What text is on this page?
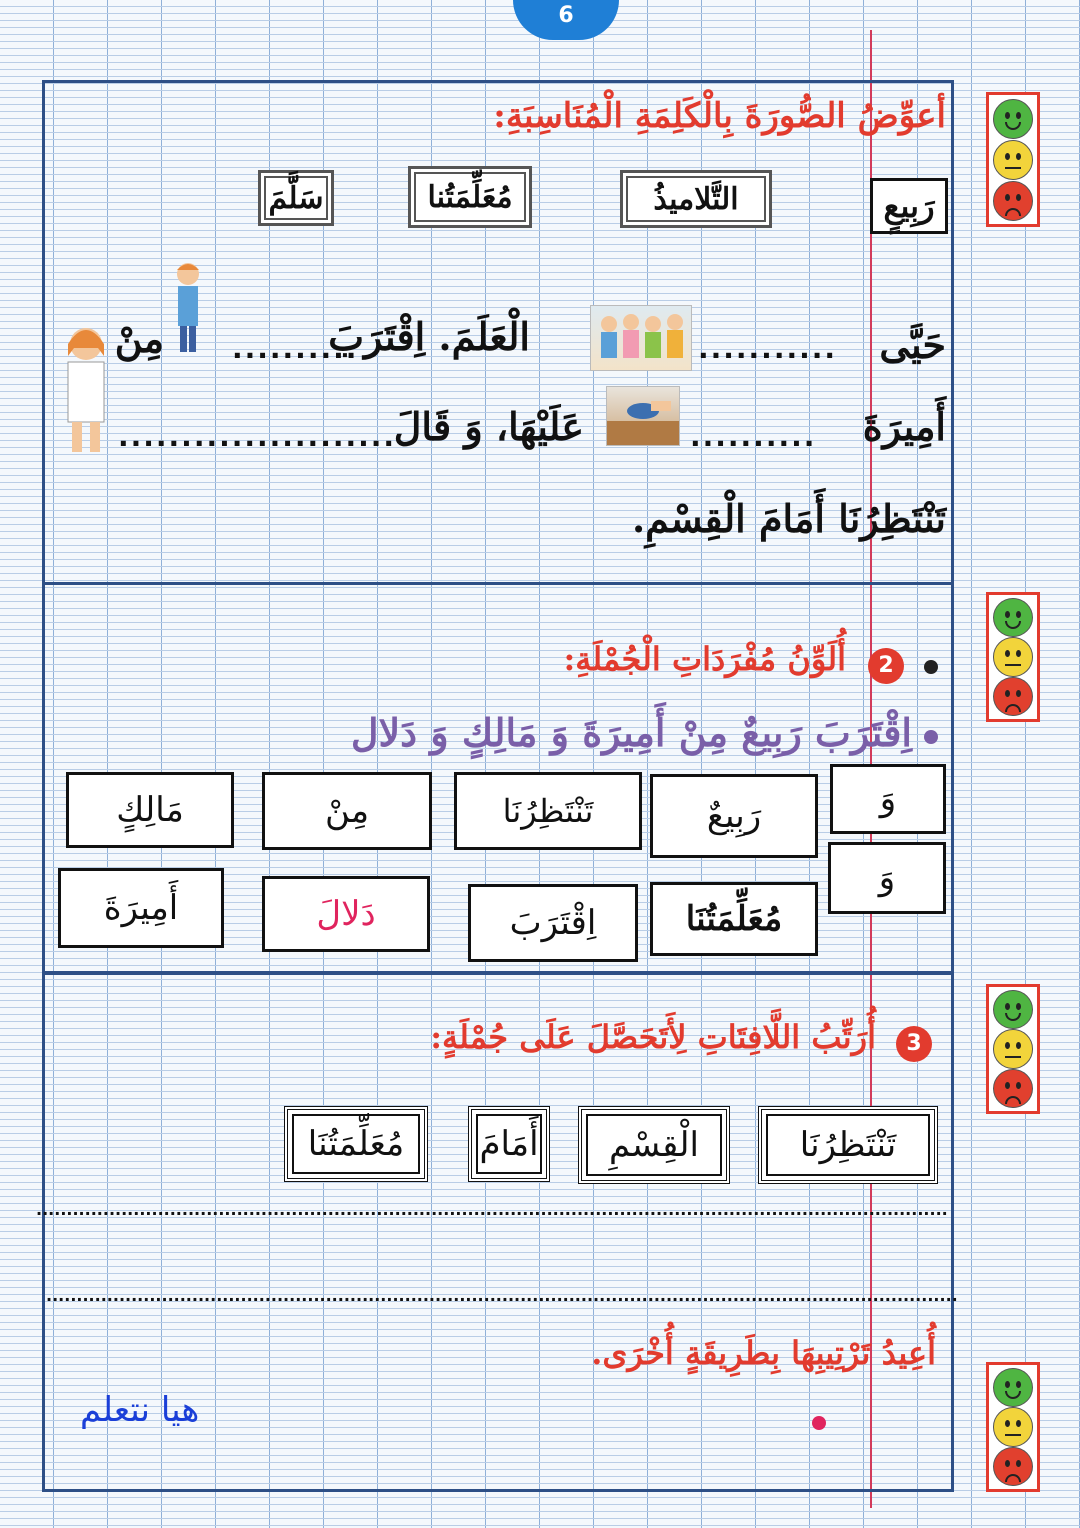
6
أعوِّضُ الصُّورَةَ بِالْكَلِمَةِ الْمُنَاسِبَةِ:
رَبِيعٍ
التَّلاميذُ
مُعَلِّمَتُنا
سَلَّمَ
حَيَّى
...........
الْعَلَمَ. اِقْتَرَبَ
..........
مِنْ
أَمِيرَةَ
..........
عَلَيْهَا، وَ قَالَ
......................
تَنْتَظِرُنَا أَمَامَ الْقِسْمِ.
2
أُلَوِّنُ مُفْرَدَاتِ الْجُمْلَةِ:
اِقْتَرَبَ رَبِيعٌ مِنْ أَمِيرَةَ وَ مَالِكٍ وَ دَلال
وَ
رَبِيعٌ
تَنْتَظِرُنَا
مِنْ
مَالِكٍ
وَ
مُعَلِّمَتُنَا
اِقْتَرَبَ
دَلالَ
أَمِيرَةَ
3
أُرَتِّبُ اللَّافِتَاتِ لِأَتَحَصَّلَ عَلَى جُمْلَةٍ:
تَنْتَظِرُنَا
الْقِسْمِ
أَمَامَ
مُعَلِّمَتُنَا
......................................................................................................................................................
......................................................................................................................................................
أُعِيدُ تَرْتِيبِهَا بِطَرِيقَةٍ أُخْرَى.
هيا نتعلم
